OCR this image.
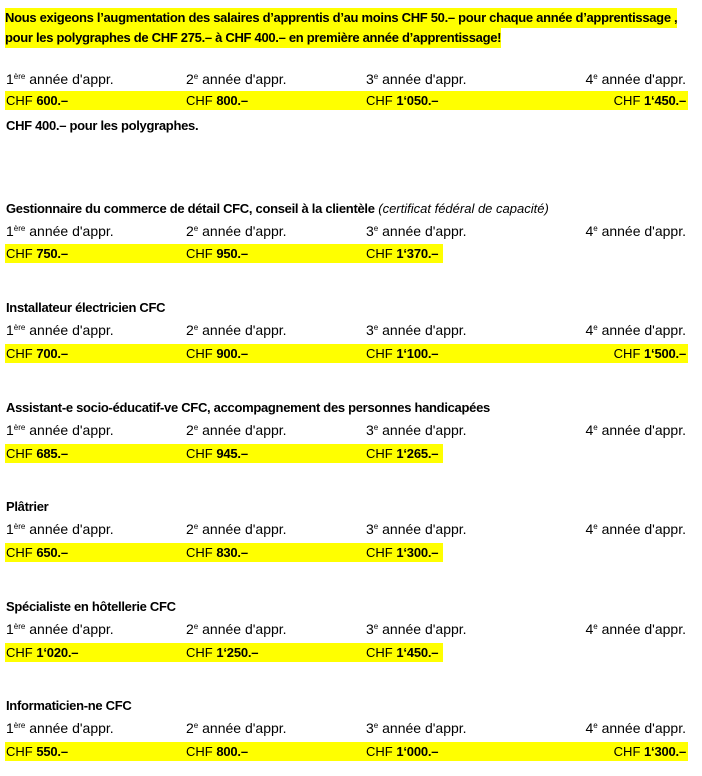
Nous exigeons l’augmentation des salaires d’apprentis d’au moins CHF 50.– pour chaque année d’apprentissage ,
pour les polygraphes de CHF 275.– à CHF 400.– en première année d’apprentissage!
1ère année d'appr.	2e année d'appr.	3e année d'appr.	4e année d'appr.
CHF 600.–	CHF 800.–	CHF 1‘050.–	CHF 1‘450.–
CHF 400.– pour les polygraphes.
Gestionnaire du commerce de détail CFC, conseil à la clientèle (certificat fédéral de capacité)
1ère année d'appr.	2e année d'appr.	3e année d'appr.	4e année d'appr.
CHF 750.–	CHF 950.–	CHF 1‘370.–
Installateur électricien CFC
1ère année d'appr.	2e année d'appr.	3e année d'appr.	4e année d'appr.
CHF 700.–	CHF 900.–	CHF 1‘100.–	CHF 1‘500.–
Assistant-e socio-éducatif-ve CFC, accompagnement des personnes handicapées
1ère année d'appr.	2e année d'appr.	3e année d'appr.	4e année d'appr.
CHF 685.–	CHF 945.–	CHF 1‘265.–
Plâtrier
1ère année d'appr.	2e année d'appr.	3e année d'appr.	4e année d'appr.
CHF 650.–	CHF 830.–	CHF 1‘300.–
Spécialiste en hôtellerie CFC
1ère année d'appr.	2e année d'appr.	3e année d'appr.	4e année d'appr.
CHF 1‘020.–	CHF 1‘250.–	CHF 1‘450.–
Informaticien-ne CFC
1ère année d'appr.	2e année d'appr.	3e année d'appr.	4e année d'appr.
CHF 550.–	CHF 800.–	CHF 1‘000.–	CHF 1‘300.–
